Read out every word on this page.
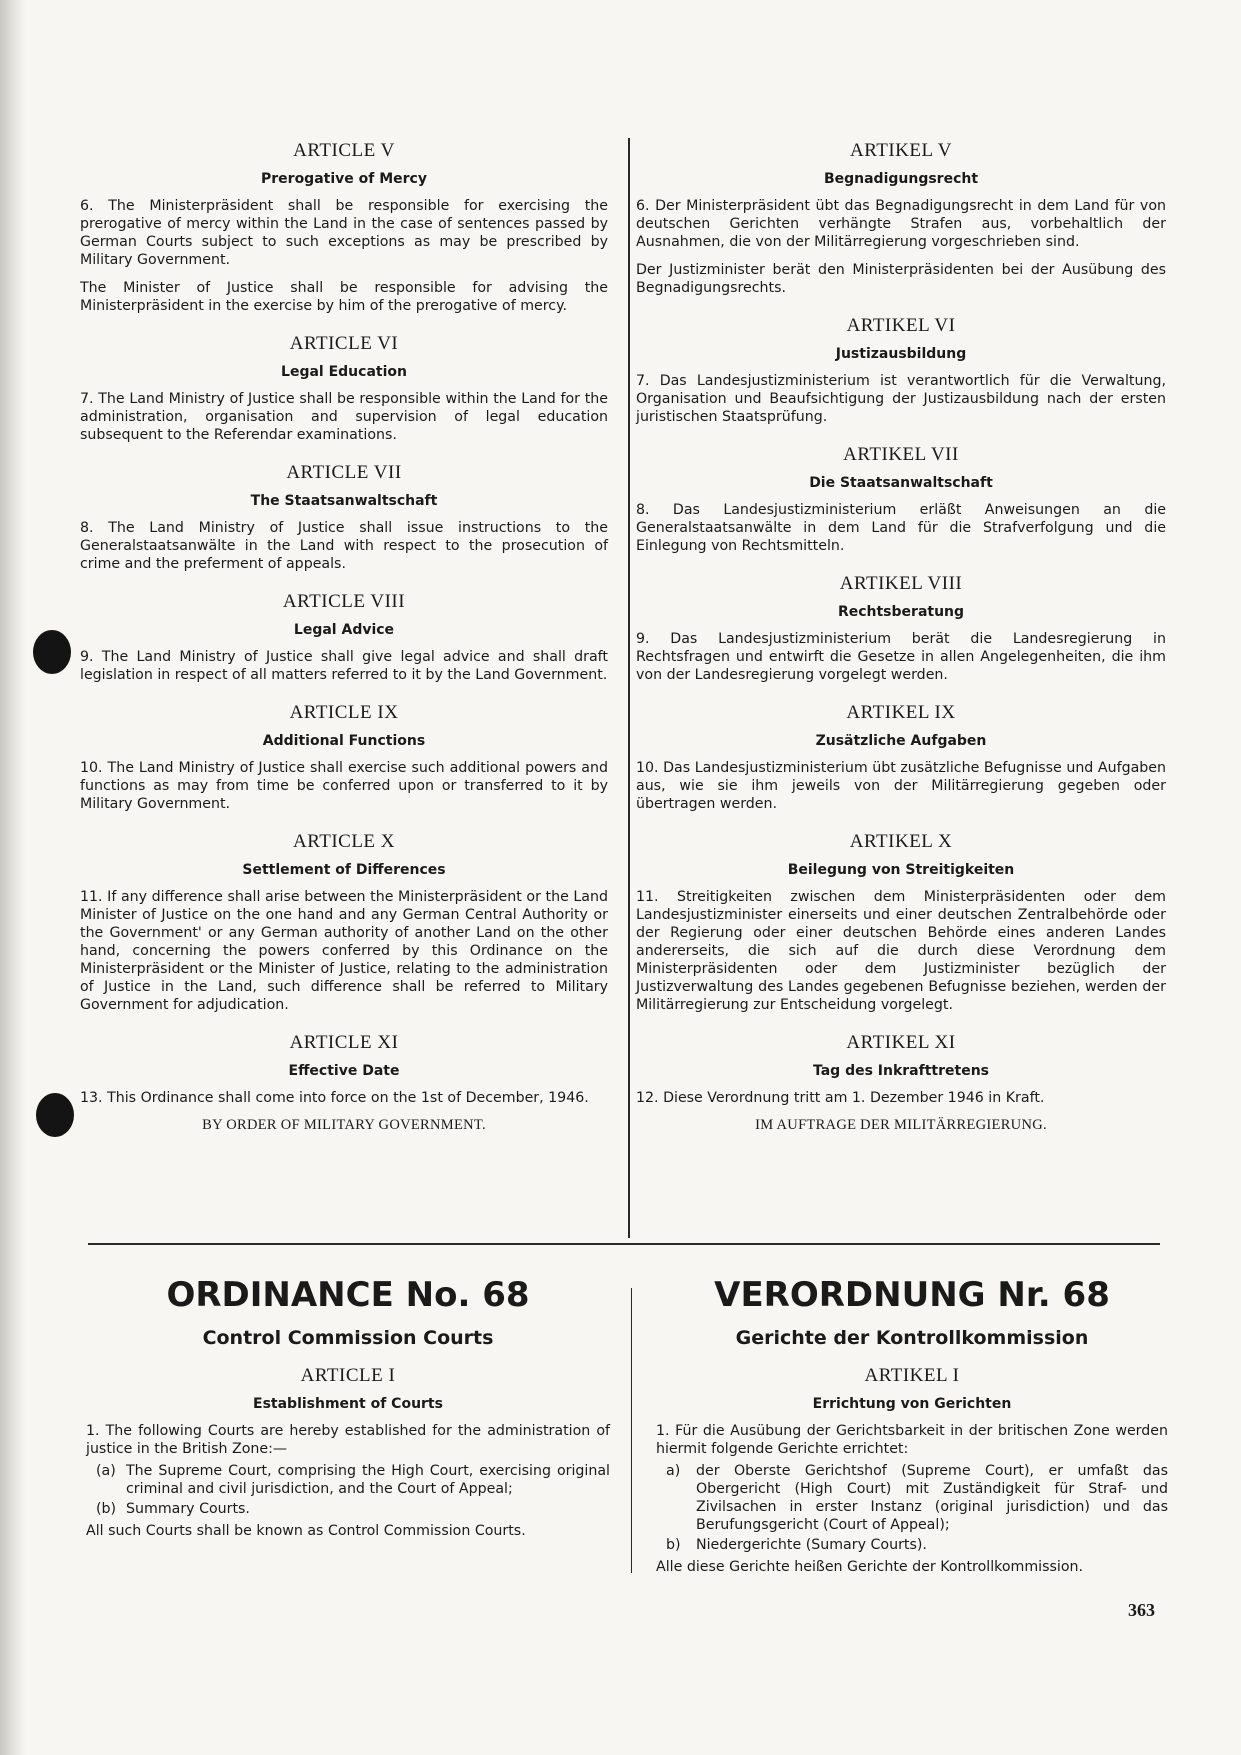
ARTICLE V
Prerogative of Mercy

6. The Ministerpräsident shall be responsible for exercising the prerogative of mercy within the Land in the case of sentences passed by German Courts subject to such exceptions as may be prescribed by Military Government.

The Minister of Justice shall be responsible for advising the Ministerpräsident in the exercise by him of the prerogative of mercy.

ARTICLE VI
Legal Education

7. The Land Ministry of Justice shall be responsible within the Land for the administration, organisation and supervision of legal education subsequent to the Referendar examinations.

ARTICLE VII
The Staatsanwaltschaft

8. The Land Ministry of Justice shall issue instructions to the Generalstaatsanwälte in the Land with respect to the prosecution of crime and the preferment of appeals.

ARTICLE VIII
Legal Advice

9. The Land Ministry of Justice shall give legal advice and shall draft legislation in respect of all matters referred to it by the Land Government.

ARTICLE IX
Additional Functions

10. The Land Ministry of Justice shall exercise such additional powers and functions as may from time be conferred upon or transferred to it by Military Government.

ARTICLE X
Settlement of Differences

11. If any difference shall arise between the Ministerpräsident or the Land Minister of Justice on the one hand and any German Central Authority or the Government' or any German authority of another Land on the other hand, concerning the powers conferred by this Ordinance on the Ministerpräsident or the Minister of Justice, relating to the administration of Justice in the Land, such difference shall be referred to Military Government for adjudication.

ARTICLE XI
Effective Date

13. This Ordinance shall come into force on the 1st of December, 1946.

BY ORDER OF MILITARY GOVERNMENT.
ARTIKEL V
Begnadigungsrecht

6. Der Ministerpräsident übt das Begnadigungsrecht in dem Land für von deutschen Gerichten verhängte Strafen aus, vorbehaltlich der Ausnahmen, die von der Militärregierung vorgeschrieben sind.

Der Justizminister berät den Ministerpräsidenten bei der Ausübung des Begnadigungsrechts.

ARTIKEL VI
Justizausbildung

7. Das Landesjustizministerium ist verantwortlich für die Verwaltung, Organisation und Beaufsichtigung der Justizausbildung nach der ersten juristischen Staatsprüfung.

ARTIKEL VII
Die Staatsanwaltschaft

8. Das Landesjustizministerium erläßt Anweisungen an die Generalstaatsanwälte in dem Land für die Strafverfolgung und die Einlegung von Rechtsmitteln.

ARTIKEL VIII
Rechtsberatung

9. Das Landesjustizministerium berät die Landesregierung in Rechtsfragen und entwirft die Gesetze in allen Angelegenheiten, die ihm von der Landesregierung vorgelegt werden.

ARTIKEL IX
Zusätzliche Aufgaben

10. Das Landesjustizministerium übt zusätzliche Befugnisse und Aufgaben aus, wie sie ihm jeweils von der Militärregierung gegeben oder übertragen werden.

ARTIKEL X
Beilegung von Streitigkeiten

11. Streitigkeiten zwischen dem Ministerpräsidenten oder dem Landesjustizminister einerseits und einer deutschen Zentralbehörde oder der Regierung oder einer deutschen Behörde eines anderen Landes andererseits, die sich auf die durch diese Verordnung dem Ministerpräsidenten oder dem Justizminister bezüglich der Justizverwaltung des Landes gegebenen Befugnisse beziehen, werden der Militärregierung zur Entscheidung vorgelegt.

ARTIKEL XI
Tag des Inkrafttretens

12. Diese Verordnung tritt am 1. Dezember 1946 in Kraft.

IM AUFTRAGE DER MILITÄRREGIERUNG.
ORDINANCE No. 68
Control Commission Courts
ARTICLE I
Establishment of Courts

1. The following Courts are hereby established for the administration of justice in the British Zone:—

(a) The Supreme Court, comprising the High Court, exercising original criminal and civil jurisdiction, and the Court of Appeal;
(b) Summary Courts.

All such Courts shall be known as Control Commission Courts.

VERORDNUNG Nr. 68
Gerichte der Kontrollkommission
ARTIKEL I
Errichtung von Gerichten

1. Für die Ausübung der Gerichtsbarkeit in der britischen Zone werden hiermit folgende Gerichte errichtet:

a)	der Oberste Gerichtshof (Supreme Court), er umfaßt das Obergericht (High Court) mit Zuständigkeit für Straf- und Zivilsachen in erster Instanz (original jurisdiction) und das Berufungsgericht (Court of Appeal);
b)	Niedergerichte (Sumary Courts).

Alle diese Gerichte heißen Gerichte der Kontrollkommission.

363
